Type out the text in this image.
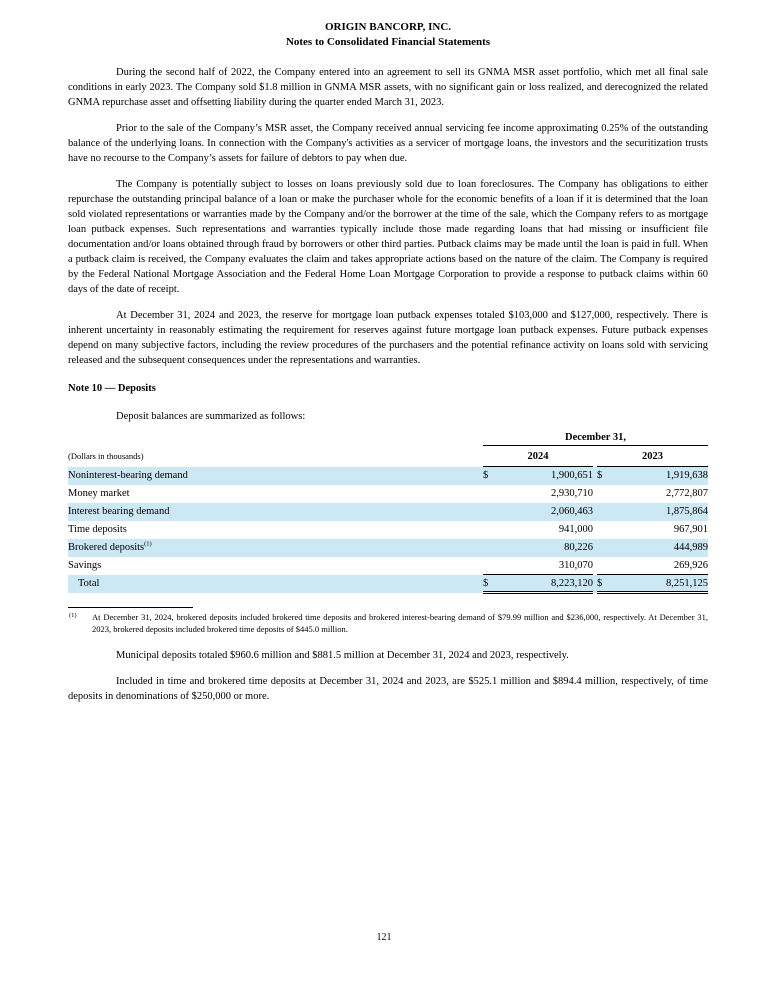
ORIGIN BANCORP, INC.
Notes to Consolidated Financial Statements

During the second half of 2022, the Company entered into an agreement to sell its GNMA MSR asset portfolio, which met all final sale conditions in early 2023. The Company sold $1.8 million in GNMA MSR assets, with no significant gain or loss realized, and derecognized the related GNMA repurchase asset and offsetting liability during the quarter ended March 31, 2023.

Prior to the sale of the Company’s MSR asset, the Company received annual servicing fee income approximating 0.25% of the outstanding balance of the underlying loans. In connection with the Company's activities as a servicer of mortgage loans, the investors and the securitization trusts have no recourse to the Company’s assets for failure of debtors to pay when due.

The Company is potentially subject to losses on loans previously sold due to loan foreclosures. The Company has obligations to either repurchase the outstanding principal balance of a loan or make the purchaser whole for the economic benefits of a loan if it is determined that the loan sold violated representations or warranties made by the Company and/or the borrower at the time of the sale, which the Company refers to as mortgage loan putback expenses. Such representations and warranties typically include those made regarding loans that had missing or insufficient file documentation and/or loans obtained through fraud by borrowers or other third parties. Putback claims may be made until the loan is paid in full. When a putback claim is received, the Company evaluates the claim and takes appropriate actions based on the nature of the claim. The Company is required by the Federal National Mortgage Association and the Federal Home Loan Mortgage Corporation to provide a response to putback claims within 60 days of the date of receipt.

At December 31, 2024 and 2023, the reserve for mortgage loan putback expenses totaled $103,000 and $127,000, respectively. There is inherent uncertainty in reasonably estimating the requirement for reserves against future mortgage loan putback expenses. Future putback expenses depend on many subjective factors, including the review procedures of the purchasers and the potential refinance activity on loans sold with servicing released and the subsequent consequences under the representations and warranties.

Note 10 — Deposits

Deposit balances are summarized as follows:

	December 31,				
(Dollars in thousands)	2024			2023	
Noninterest-bearing demand	$	1,900,651		$	1,919,638
Money market		2,930,710			2,772,807
Interest bearing demand		2,060,463			1,875,864
Time deposits		941,000			967,901
Brokered deposits$^{(1)}$		80,226			444,989
Savings		310,070			269,926
Total	$	8,223,120		$	8,251,125
(1) At December 31, 2024, brokered deposits included brokered time deposits and brokered interest-bearing demand of $79.99 million and $236,000, respectively. At December 31, 2023, brokered deposits included brokered time deposits of $445.0 million.

Municipal deposits totaled $960.6 million and $881.5 million at December 31, 2024 and 2023, respectively.

Included in time and brokered time deposits at December 31, 2024 and 2023, are $525.1 million and $894.4 million, respectively, of time deposits in denominations of $250,000 or more.

121
